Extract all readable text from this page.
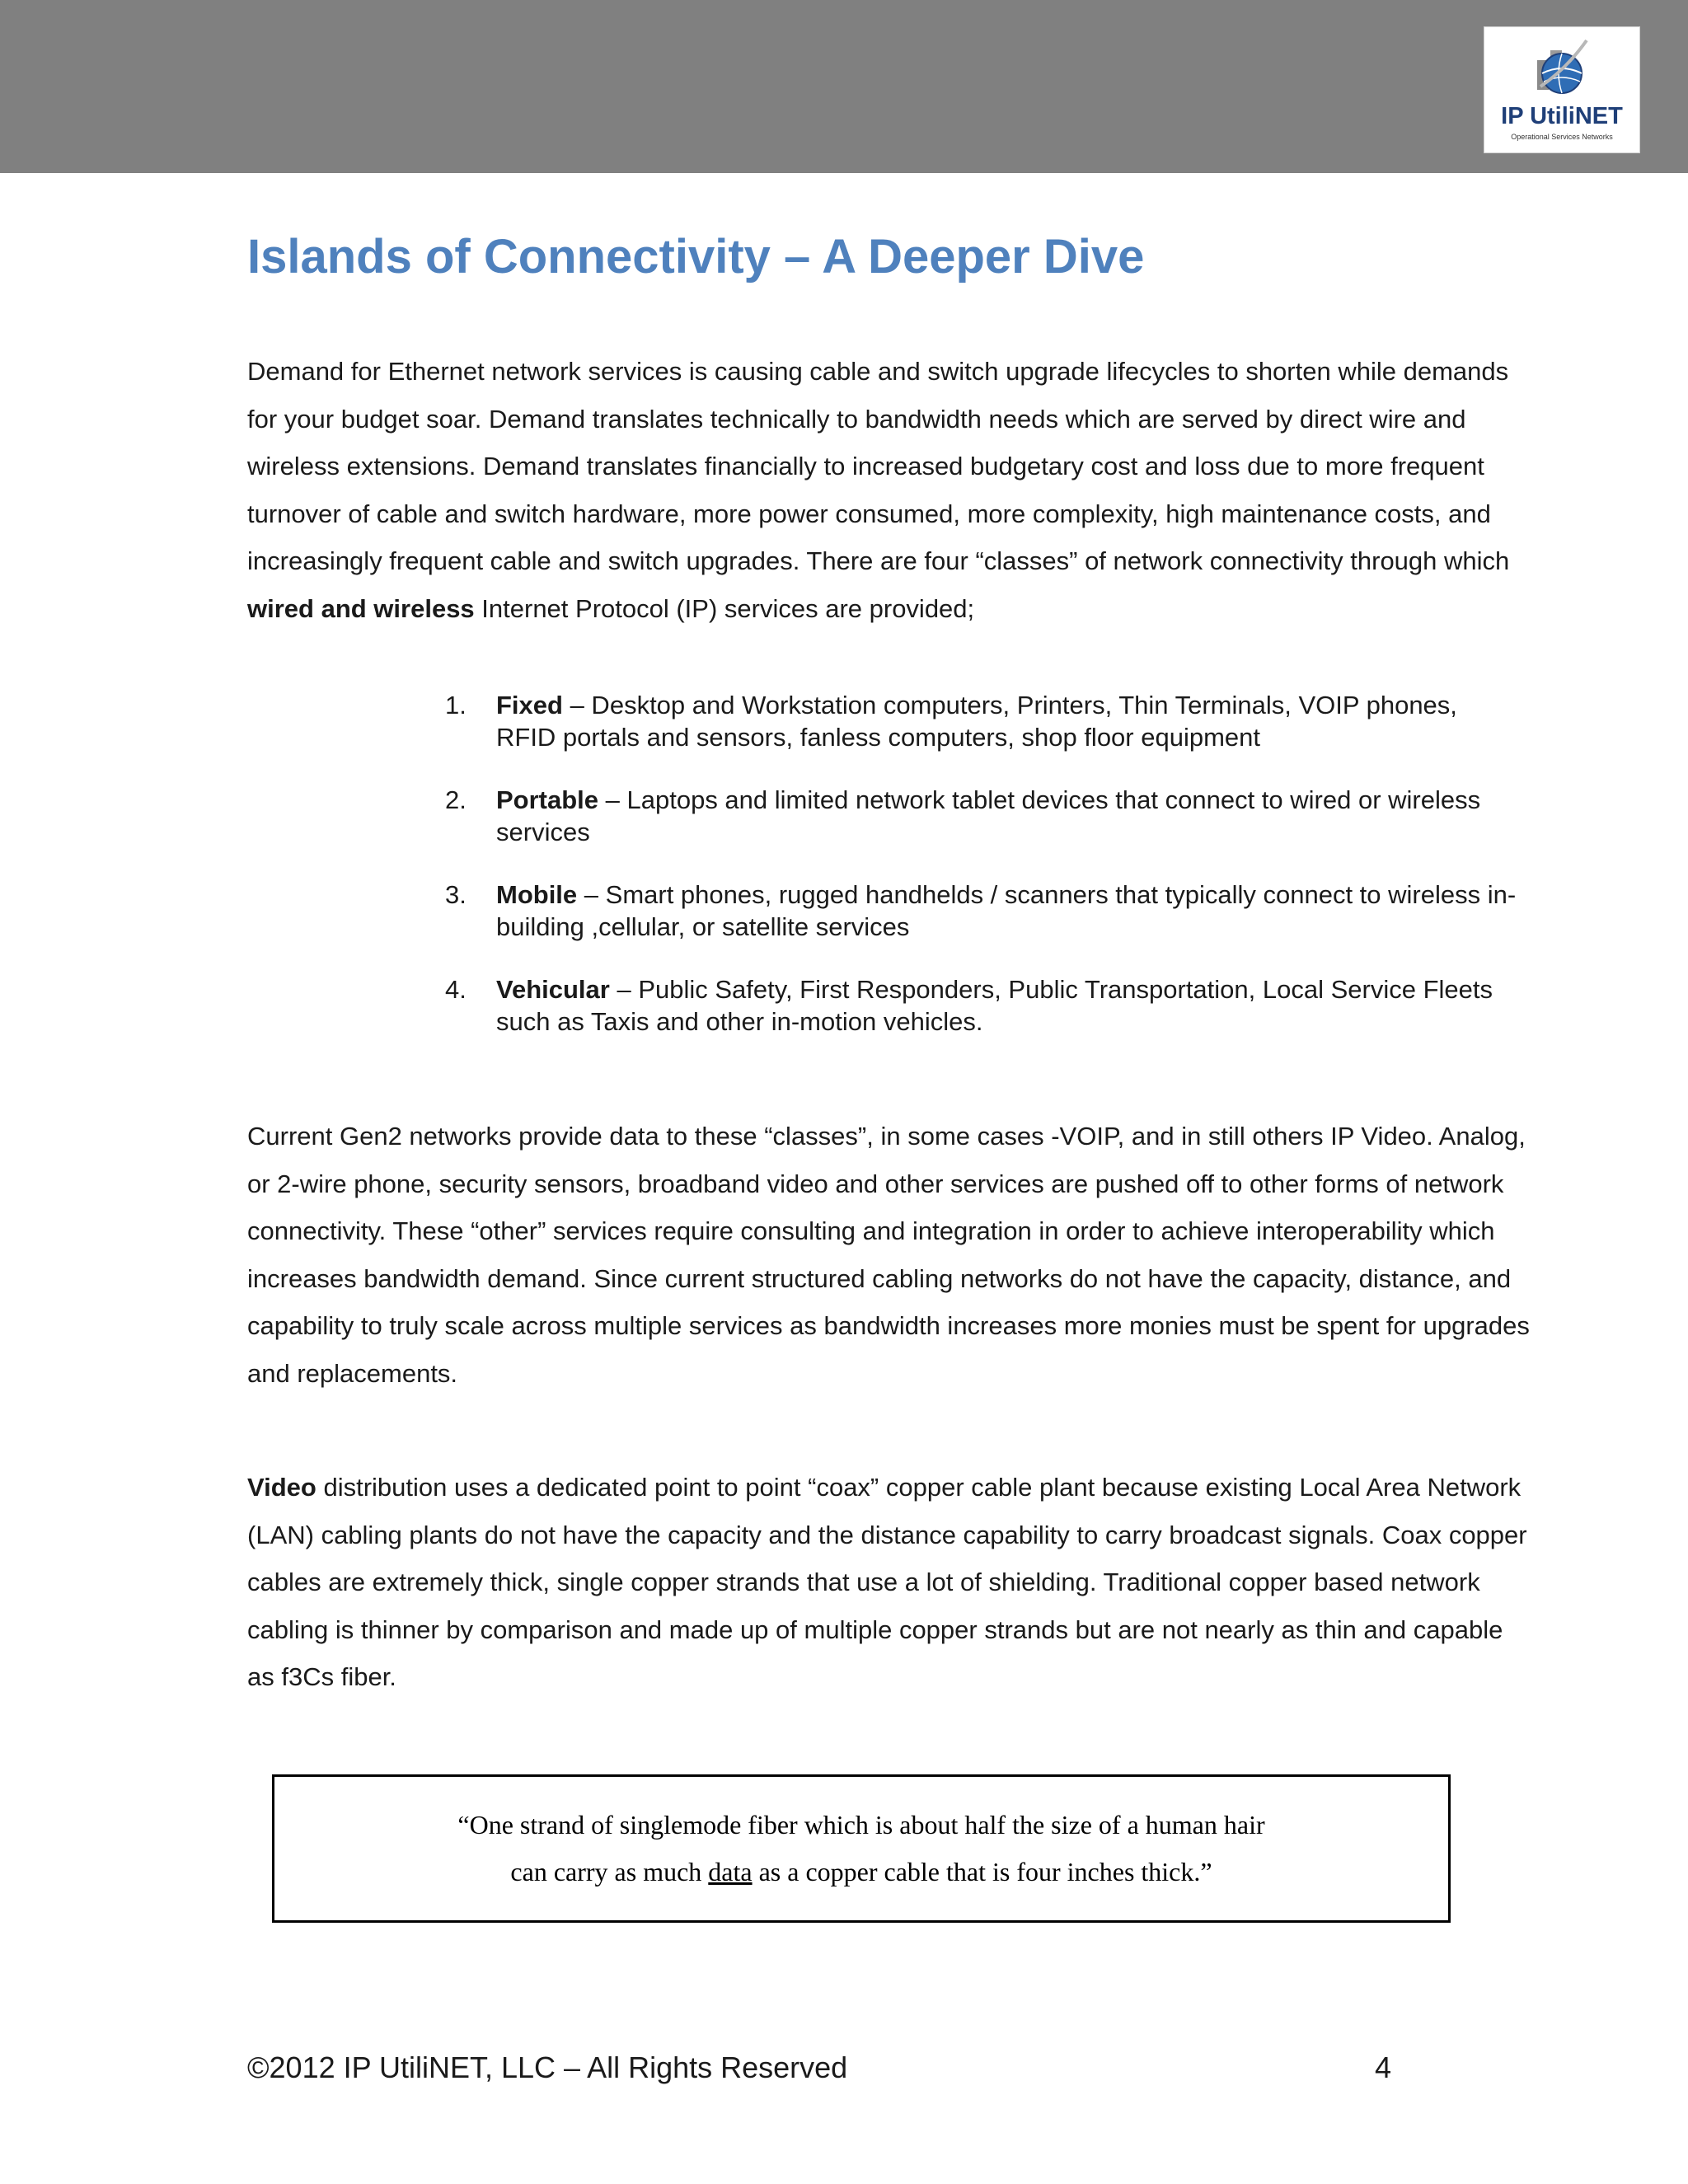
IP UtiliNET
Operational Services Networks
Islands of Connectivity – A Deeper Dive

Demand for Ethernet network services is causing cable and switch upgrade lifecycles to shorten while demands for your budget soar. Demand translates technically to bandwidth needs which are served by direct wire and wireless extensions. Demand translates financially to increased budgetary cost and loss due to more frequent turnover of cable and switch hardware, more power consumed, more complexity, high maintenance costs, and increasingly frequent cable and switch upgrades. There are four “classes” of network connectivity through which wired and wireless Internet Protocol (IP) services are provided;

1. Fixed – Desktop and Workstation computers, Printers, Thin Terminals, VOIP phones, RFID portals and sensors, fanless computers, shop floor equipment
2. Portable – Laptops and limited network tablet devices that connect to wired or wireless services
3. Mobile – Smart phones, rugged handhelds / scanners that typically connect to wireless in-building ,cellular, or satellite services
4. Vehicular – Public Safety, First Responders, Public Transportation, Local Service Fleets such as Taxis and other in-motion vehicles.

Current Gen2 networks provide data to these “classes”, in some cases -VOIP, and in still others IP Video. Analog, or 2-wire phone, security sensors, broadband video and other services are pushed off to other forms of network connectivity. These “other” services require consulting and integration in order to achieve interoperability which increases bandwidth demand. Since current structured cabling networks do not have the capacity, distance, and capability to truly scale across multiple services as bandwidth increases more monies must be spent for upgrades and replacements.

Video distribution uses a dedicated point to point “coax” copper cable plant because existing Local Area Network (LAN) cabling plants do not have the capacity and the distance capability to carry broadcast signals. Coax copper cables are extremely thick, single copper strands that use a lot of shielding. Traditional copper based network cabling is thinner by comparison and made up of multiple copper strands but are not nearly as thin and capable as f3Cs fiber.

“One strand of singlemode fiber which is about half the size of a human hair
can carry as much data as a copper cable that is four inches thick.”
©2012 IP UtiliNET, LLC – All Rights Reserved	4
